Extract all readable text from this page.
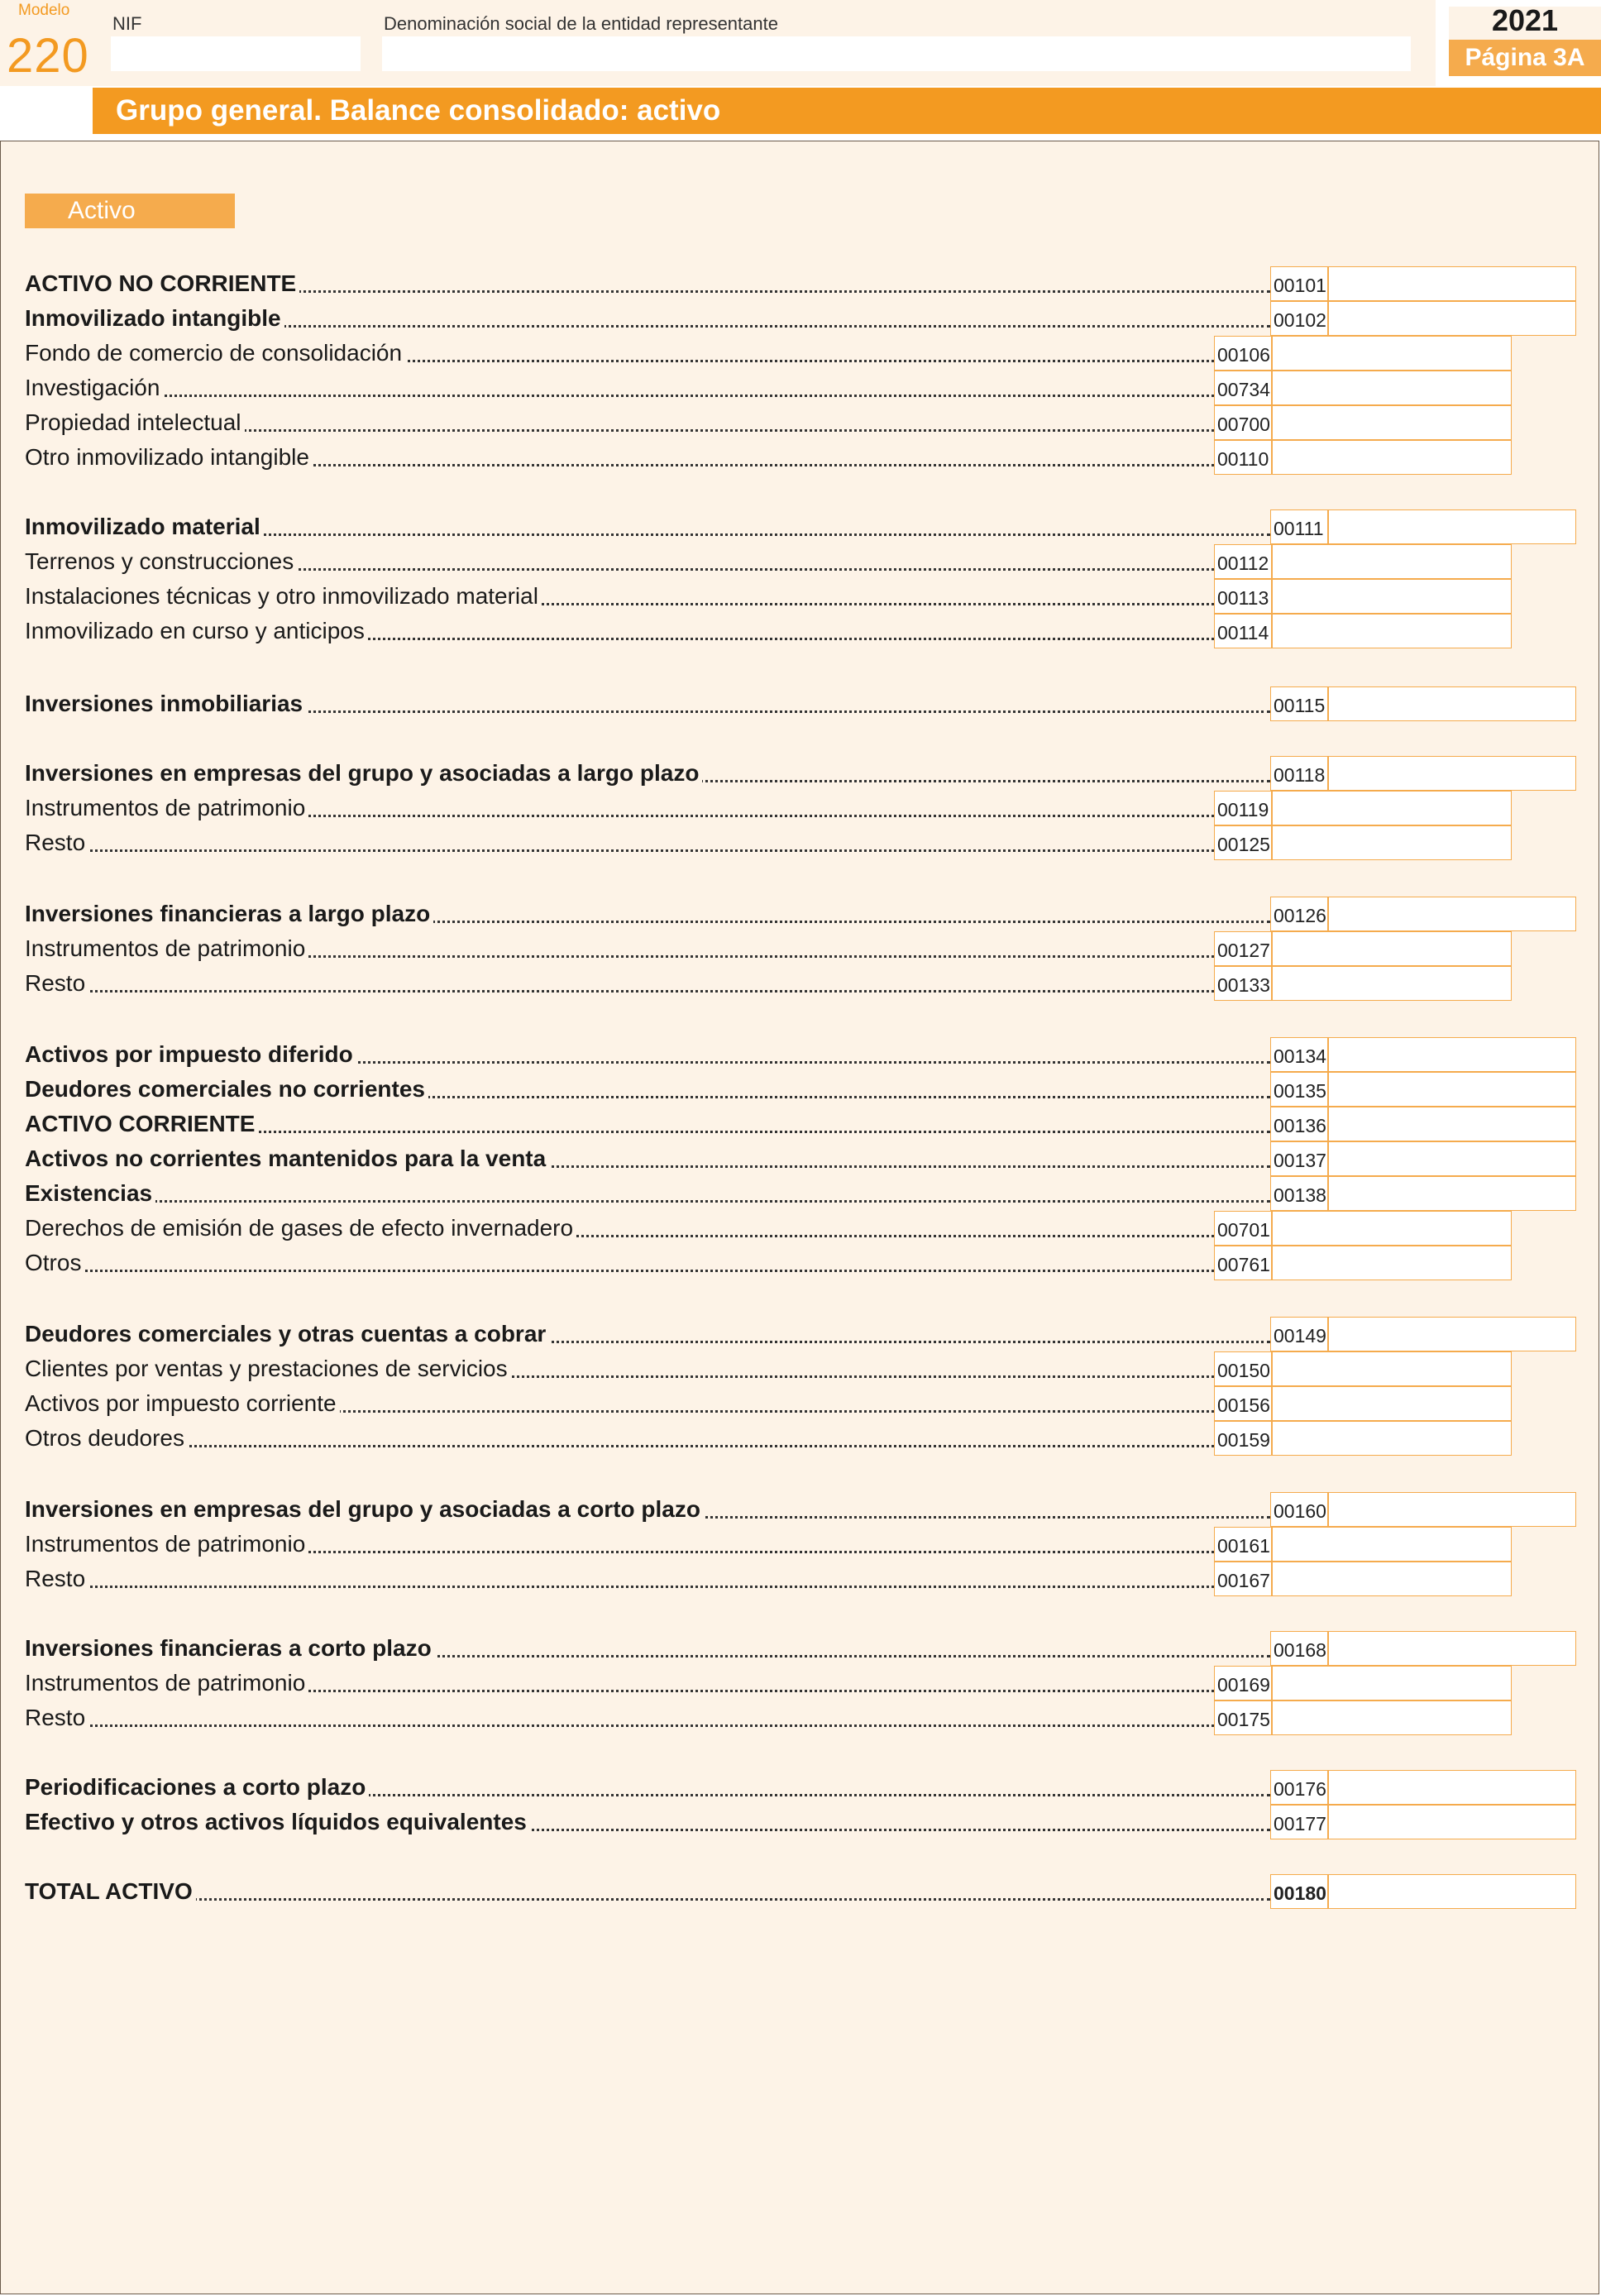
Modelo
220
NIF	Denominación social de la entidad representante	2021
Página 3A
Grupo general. Balance consolidado: activo
Activo
ACTIVO NO CORRIENTE	00101
Inmovilizado intangible	00102
Fondo de comercio de consolidación	00106
Investigación	00734
Propiedad intelectual	00700
Otro inmovilizado intangible	00110
Inmovilizado material	00111
Terrenos y construcciones	00112
Instalaciones técnicas y otro inmovilizado material	00113
Inmovilizado en curso y anticipos	00114
Inversiones inmobiliarias	00115
Inversiones en empresas del grupo y asociadas a largo plazo	00118
Instrumentos de patrimonio	00119
Resto	00125
Inversiones financieras a largo plazo	00126
Instrumentos de patrimonio	00127
Resto	00133
Activos por impuesto diferido	00134
Deudores comerciales no corrientes	00135
ACTIVO CORRIENTE	00136
Activos no corrientes mantenidos para la venta	00137
Existencias	00138
Derechos de emisión de gases de efecto invernadero	00701
Otros	00761
Deudores comerciales y otras cuentas a cobrar	00149
Clientes por ventas y prestaciones de servicios	00150
Activos por impuesto corriente	00156
Otros deudores	00159
Inversiones en empresas del grupo y asociadas a corto plazo	00160
Instrumentos de patrimonio	00161
Resto	00167
Inversiones financieras a corto plazo	00168
Instrumentos de patrimonio	00169
Resto	00175
Periodificaciones a corto plazo	00176
Efectivo y otros activos líquidos equivalentes	00177
TOTAL ACTIVO	00180
